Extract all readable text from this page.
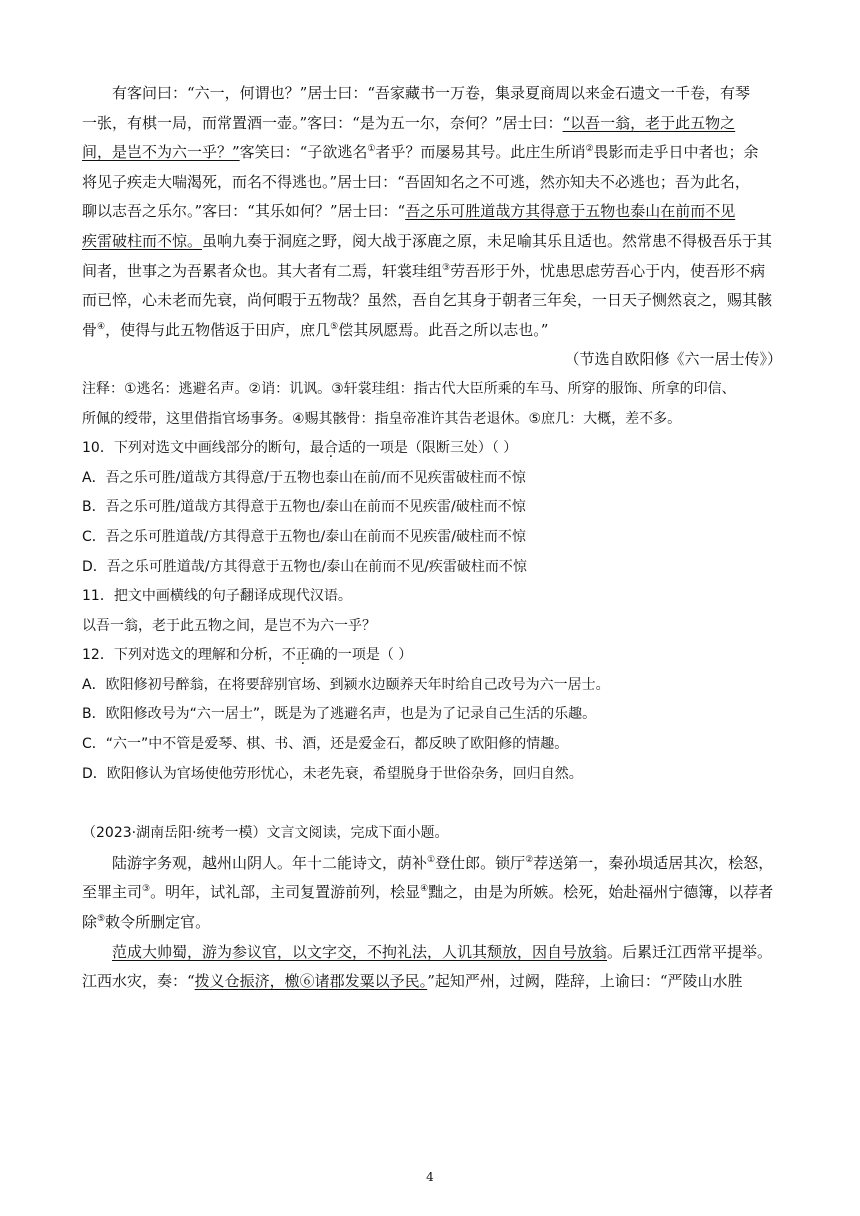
有客问曰：“六一，何谓也？”居士曰：“吾家藏书一万卷，集录夏商周以来金石遗文一千卷，有琴
一张，有棋一局，而常置酒一壶。”客曰：“是为五一尔，奈何？”居士曰：“以吾一翁，老于此五物之
间，是岂不为六一乎？”客笑曰：“子欲逃名①者乎？而屡易其号。此庄生所诮②畏影而走乎日中者也；余
将见子疾走大喘渴死，而名不得逃也。”居士曰：“吾固知名之不可逃，然亦知夫不必逃也；吾为此名，
聊以志吾之乐尔。”客曰：“其乐如何？”居士曰：“吾之乐可胜道哉方其得意于五物也泰山在前而不见
疾雷破柱而不惊。虽响九奏于洞庭之野，阅大战于涿鹿之原，未足喻其乐且适也。然常患不得极吾乐于其
间者，世事之为吾累者众也。其大者有二焉，轩裳珪组③劳吾形于外，忧患思虑劳吾心于内，使吾形不病
而已悴，心未老而先衰，尚何暇于五物哉？虽然，吾自乞其身于朝者三年矣，一日天子恻然哀之，赐其骸
骨④，使得与此五物偕返于田庐，庶几⑤偿其夙愿焉。此吾之所以志也。”
（节选自欧阳修《六一居士传》）
注释：①逃名：逃避名声。②诮：讥讽。③轩裳珪组：指古代大臣所乘的车马、所穿的服饰、所拿的印信、
所佩的绶带，这里借指官场事务。④赐其骸骨：指皇帝准许其告老退休。⑤庶几：大概，差不多。
10．下列对选文中画线部分的断句，最合适的一项是（限断三处）（ ）
A．吾之乐可胜/道哉方其得意/于五物也泰山在前/而不见疾雷破柱而不惊
B．吾之乐可胜/道哉方其得意于五物也/泰山在前而不见疾雷/破柱而不惊
C．吾之乐可胜道哉/方其得意于五物也/泰山在前而不见疾雷/破柱而不惊
D．吾之乐可胜道哉/方其得意于五物也/泰山在前而不见/疾雷破柱而不惊
11．把文中画横线的句子翻译成现代汉语。
以吾一翁，老于此五物之间，是岂不为六一乎？
12．下列对选文的理解和分析，不正确的一项是（ ）
A．欧阳修初号醉翁，在将要辞别官场、到颍水边颐养天年时给自己改号为六一居士。
B．欧阳修改号为“六一居士”，既是为了逃避名声，也是为了记录自己生活的乐趣。
C．“六一”中不管是爱琴、棋、书、酒，还是爱金石，都反映了欧阳修的情趣。
D．欧阳修认为官场使他劳形忧心，未老先衰，希望脱身于世俗杂务，回归自然。
（2023·湖南岳阳·统考一模）文言文阅读，完成下面小题。
陆游字务观，越州山阴人。年十二能诗文，荫补①登仕郎。锁厅②荐送第一，秦孙埙适居其次，桧怒，
至罪主司③。明年，试礼部，主司复置游前列，桧显④黜之，由是为所嫉。桧死，始赴福州宁德簿，以荐者
除⑤敕令所删定官。
范成大帅蜀，游为参议官，以文字交，不拘礼法，人讥其颓放，因自号放翁。后累迁江西常平提举。
江西水灾，奏：“拨义仓振济，檄⑥诸郡发粟以予民。”起知严州，过阙，陛辞，上谕曰：“严陵山水胜
4
